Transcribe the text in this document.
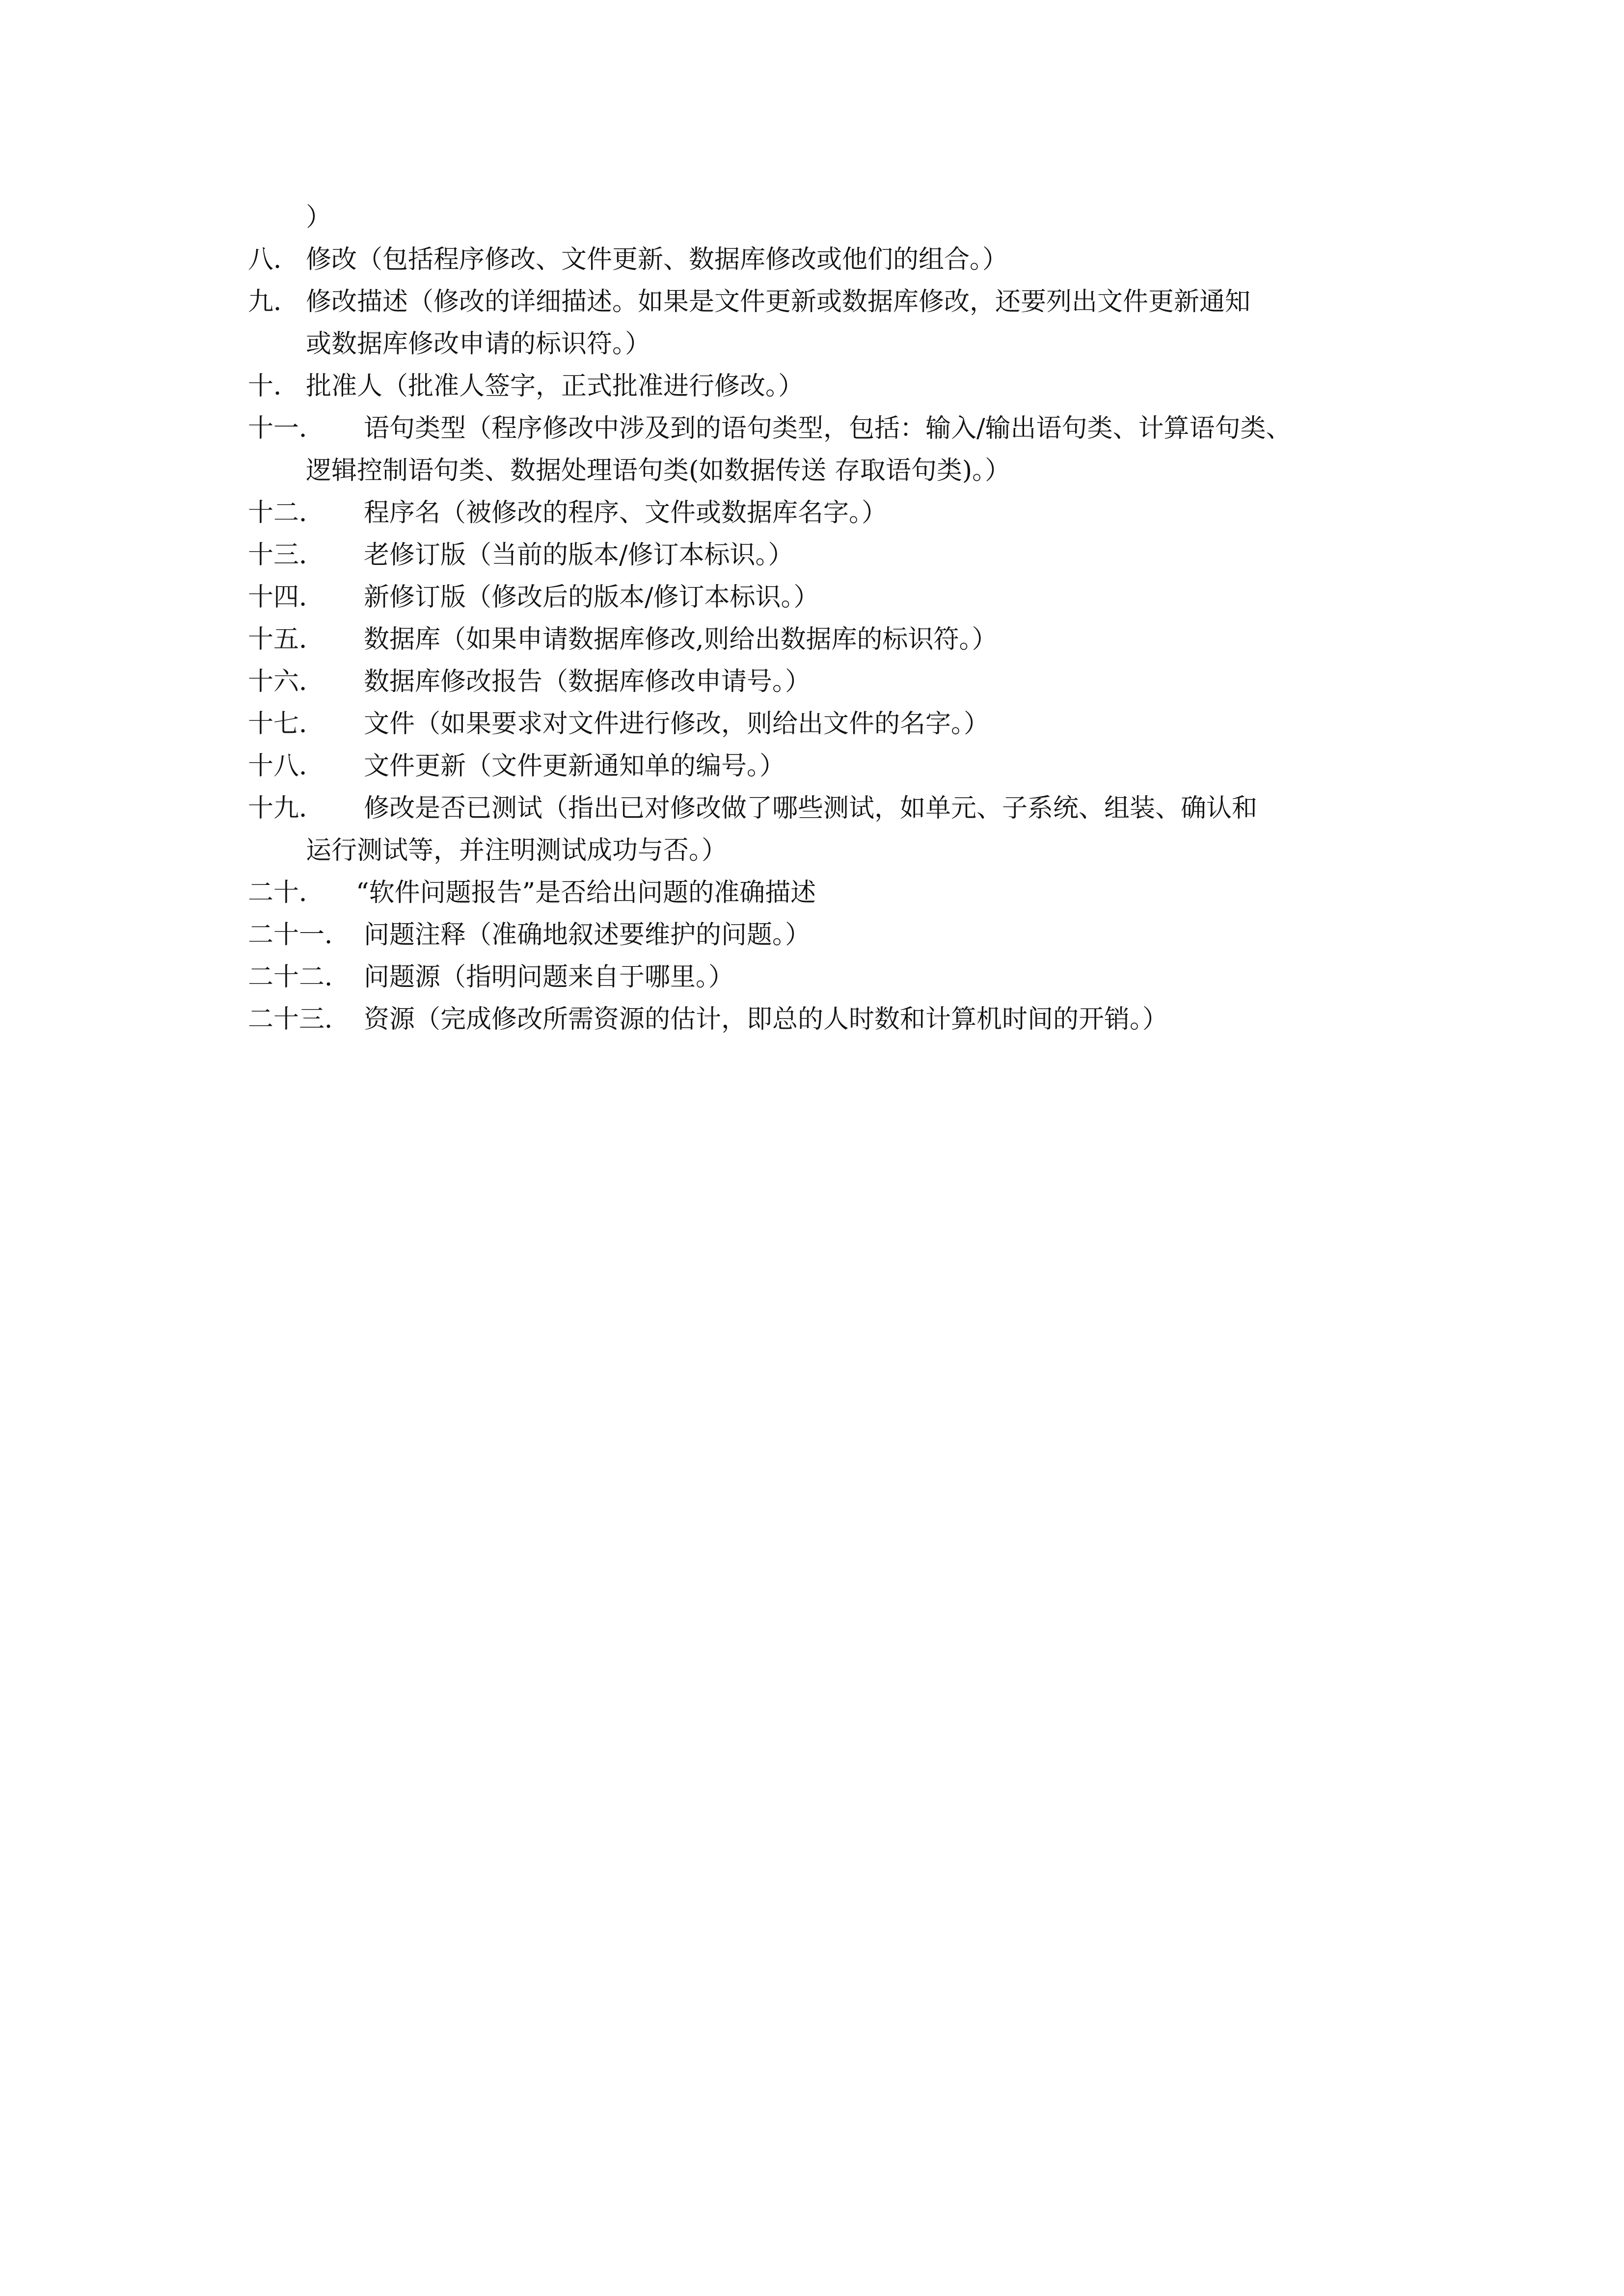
）
八． 修改（包括程序修改、文件更新、数据库修改或他们的组合。）
九． 修改描述（修改的详细描述。如果是文件更新或数据库修改，还要列出文件更新通知
或数据库修改申请的标识符。）
十． 批准人（批准人签字，正式批准进行修改。）
十一． 语句类型（程序修改中涉及到的语句类型，包括：输入/输出语句类、计算语句类、
逻辑控制语句类、数据处理语句类(如数据传送 存取语句类)。）
十二． 程序名（被修改的程序、文件或数据库名字。）
十三． 老修订版（当前的版本/修订本标识。）
十四． 新修订版（修改后的版本/修订本标识。）
十五． 数据库（如果申请数据库修改,则给出数据库的标识符。）
十六． 数据库修改报告（数据库修改申请号。）
十七． 文件（如果要求对文件进行修改，则给出文件的名字。）
十八． 文件更新（文件更新通知单的编号。）
十九． 修改是否已测试（指出已对修改做了哪些测试，如单元、子系统、组装、确认和
运行测试等，并注明测试成功与否。）
二十． “软件问题报告”是否给出问题的准确描述
二十一． 问题注释（准确地叙述要维护的问题。）
二十二． 问题源（指明问题来自于哪里。）
二十三． 资源（完成修改所需资源的估计，即总的人时数和计算机时间的开销。）
